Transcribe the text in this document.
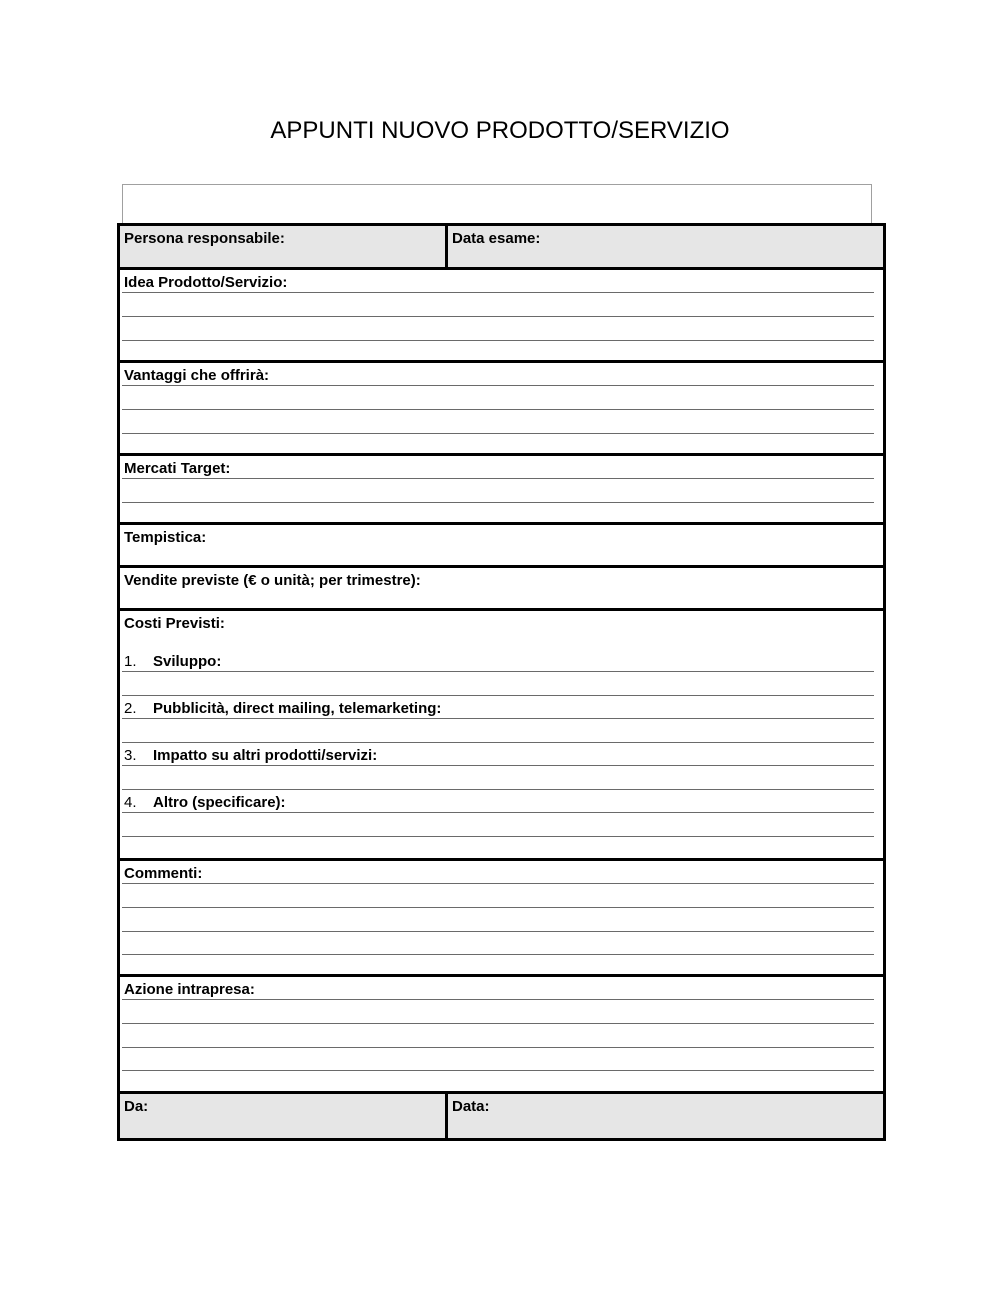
APPUNTI NUOVO PRODOTTO/SERVIZIO
Persona responsabile:	Data esame:
Idea Prodotto/Servizio:
Vantaggi che offrirà:
Mercati Target:
Tempistica:
Vendite previste (€ o unità; per trimestre):
Costi Previsti:
1. Sviluppo:
2. Pubblicità, direct mailing, telemarketing:
3. Impatto su altri prodotti/servizi:
4. Altro (specificare):
Commenti:
Azione intrapresa:
Da:	Data:
